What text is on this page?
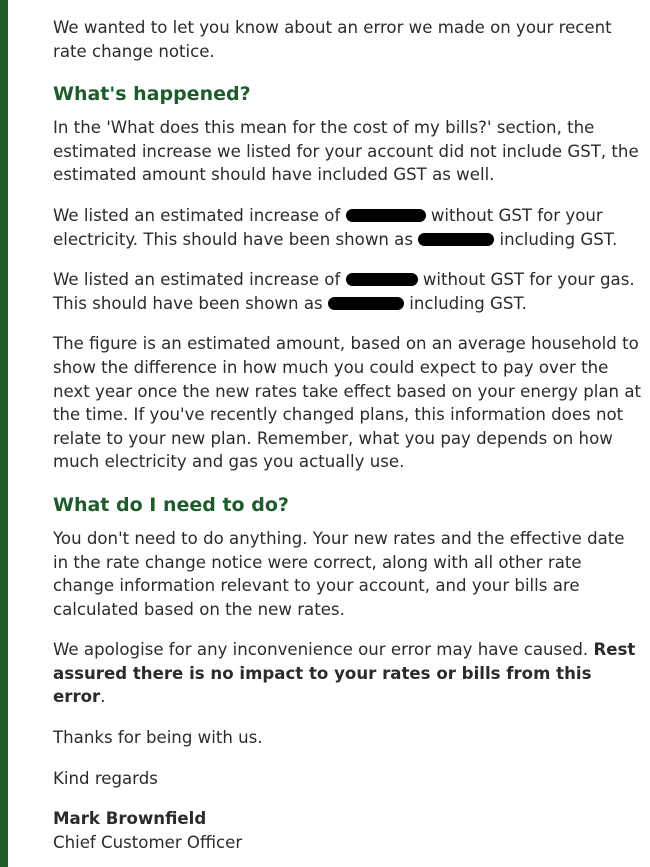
We wanted to let you know about an error we made on your recent rate change notice.

What's happened?

In the 'What does this mean for the cost of my bills?' section, the estimated increase we listed for your account did not include GST, the estimated amount should have included GST as well.

We listed an estimated increase of	without GST for your electricity. This should have been shown as	including GST.

We listed an estimated increase of	without GST for your gas. This should have been shown as	including GST.

The figure is an estimated amount, based on an average household to show the difference in how much you could expect to pay over the next year once the new rates take effect based on your energy plan at the time. If you've recently changed plans, this information does not relate to your new plan. Remember, what you pay depends on how much electricity and gas you actually use.

What do I need to do?

You don't need to do anything. Your new rates and the effective date in the rate change notice were correct, along with all other rate change information relevant to your account, and your bills are calculated based on the new rates.

We apologise for any inconvenience our error may have caused. Rest assured there is no impact to your rates or bills from this error.

Thanks for being with us.

Kind regards

Mark Brownfield

Chief Customer Officer
